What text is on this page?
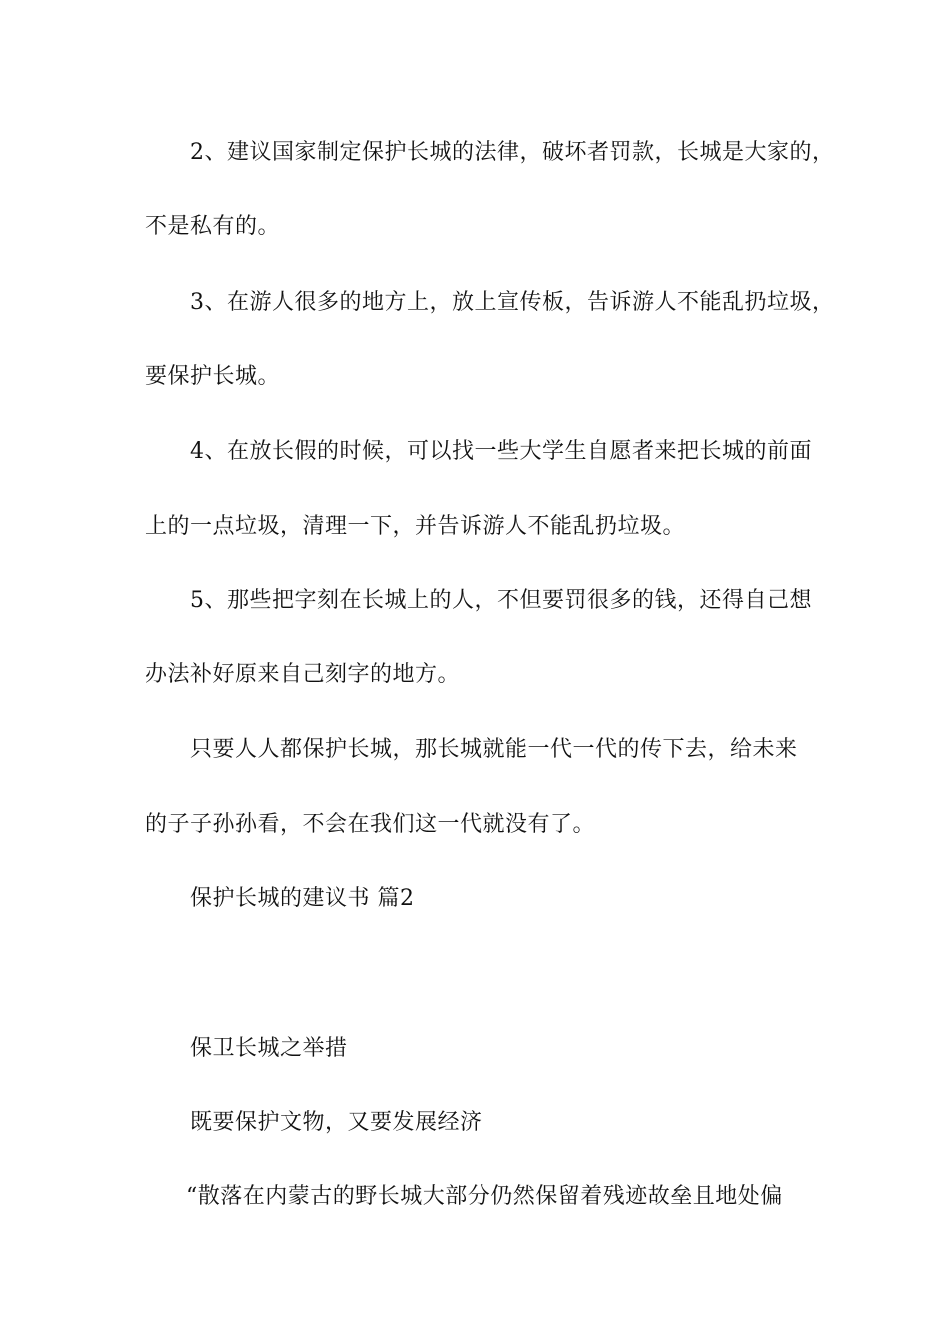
2、建议国家制定保护长城的法律，破坏者罚款，长城是大家的，
不是私有的。
3、在游人很多的地方上，放上宣传板，告诉游人不能乱扔垃圾，
要保护长城。
4、在放长假的时候，可以找一些大学生自愿者来把长城的前面
上的一点垃圾，清理一下，并告诉游人不能乱扔垃圾。
5、那些把字刻在长城上的人，不但要罚很多的钱，还得自己想
办法补好原来自己刻字的地方。
只要人人都保护长城，那长城就能一代一代的传下去，给未来
的子子孙孙看，不会在我们这一代就没有了。
保护长城的建议书 篇2
保卫长城之举措
既要保护文物，又要发展经济
“散落在内蒙古的野长城大部分仍然保留着残迹故垒且地处偏
